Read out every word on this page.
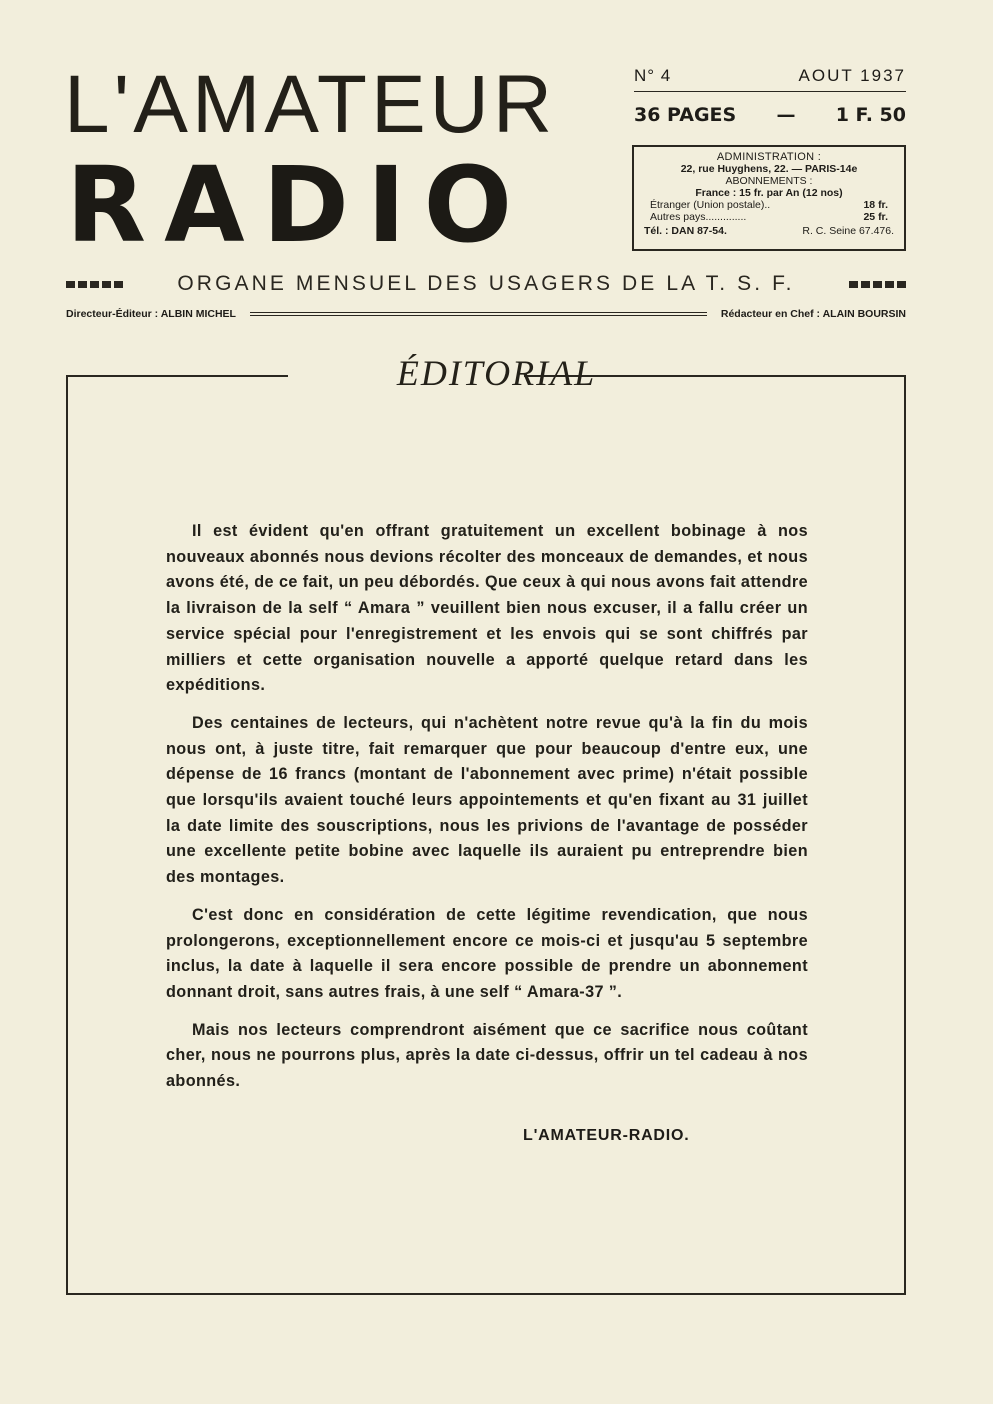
L'AMATEUR
RADIO
N° 4	AOUT 1937
36 PAGES — 1 F. 50
ADMINISTRATION :
22, rue Huyghens, 22. — PARIS-14e
ABONNEMENTS :
France : 15 fr. par An (12 nos)
Étranger (Union postale)..	18 fr.
Autres pays..............	25 fr.
Tél. : DAN 87-54.	R. C. Seine 67.476.
ORGANE MENSUEL DES USAGERS DE LA T. S. F.
Directeur-Éditeur : ALBIN MICHEL	Rédacteur en Chef : ALAIN BOURSIN
ÉDITORIAL

Il est évident qu'en offrant gratuitement un excellent bobinage à nos nouveaux abonnés nous devions récolter des monceaux de demandes, et nous avons été, de ce fait, un peu débordés. Que ceux à qui nous avons fait attendre la livraison de la self “ Amara ” veuillent bien nous excuser, il a fallu créer un service spécial pour l'enregistrement et les envois qui se sont chiffrés par milliers et cette organisation nouvelle a apporté quelque retard dans les expéditions.

Des centaines de lecteurs, qui n'achètent notre revue qu'à la fin du mois nous ont, à juste titre, fait remarquer que pour beaucoup d'entre eux, une dépense de 16 francs (montant de l'abonnement avec prime) n'était possible que lorsqu'ils avaient touché leurs appointements et qu'en fixant au 31 juillet la date limite des souscriptions, nous les privions de l'avantage de posséder une excellente petite bobine avec laquelle ils auraient pu entreprendre bien des montages.

C'est donc en considération de cette légitime revendication, que nous prolongerons, exceptionnellement encore ce mois-ci et jusqu'au 5 septembre inclus, la date à laquelle il sera encore possible de prendre un abonnement donnant droit, sans autres frais, à une self “ Amara-37 ”.

Mais nos lecteurs comprendront aisément que ce sacrifice nous coûtant cher, nous ne pourrons plus, après la date ci-dessus, offrir un tel cadeau à nos abonnés.

L'AMATEUR-RADIO.
